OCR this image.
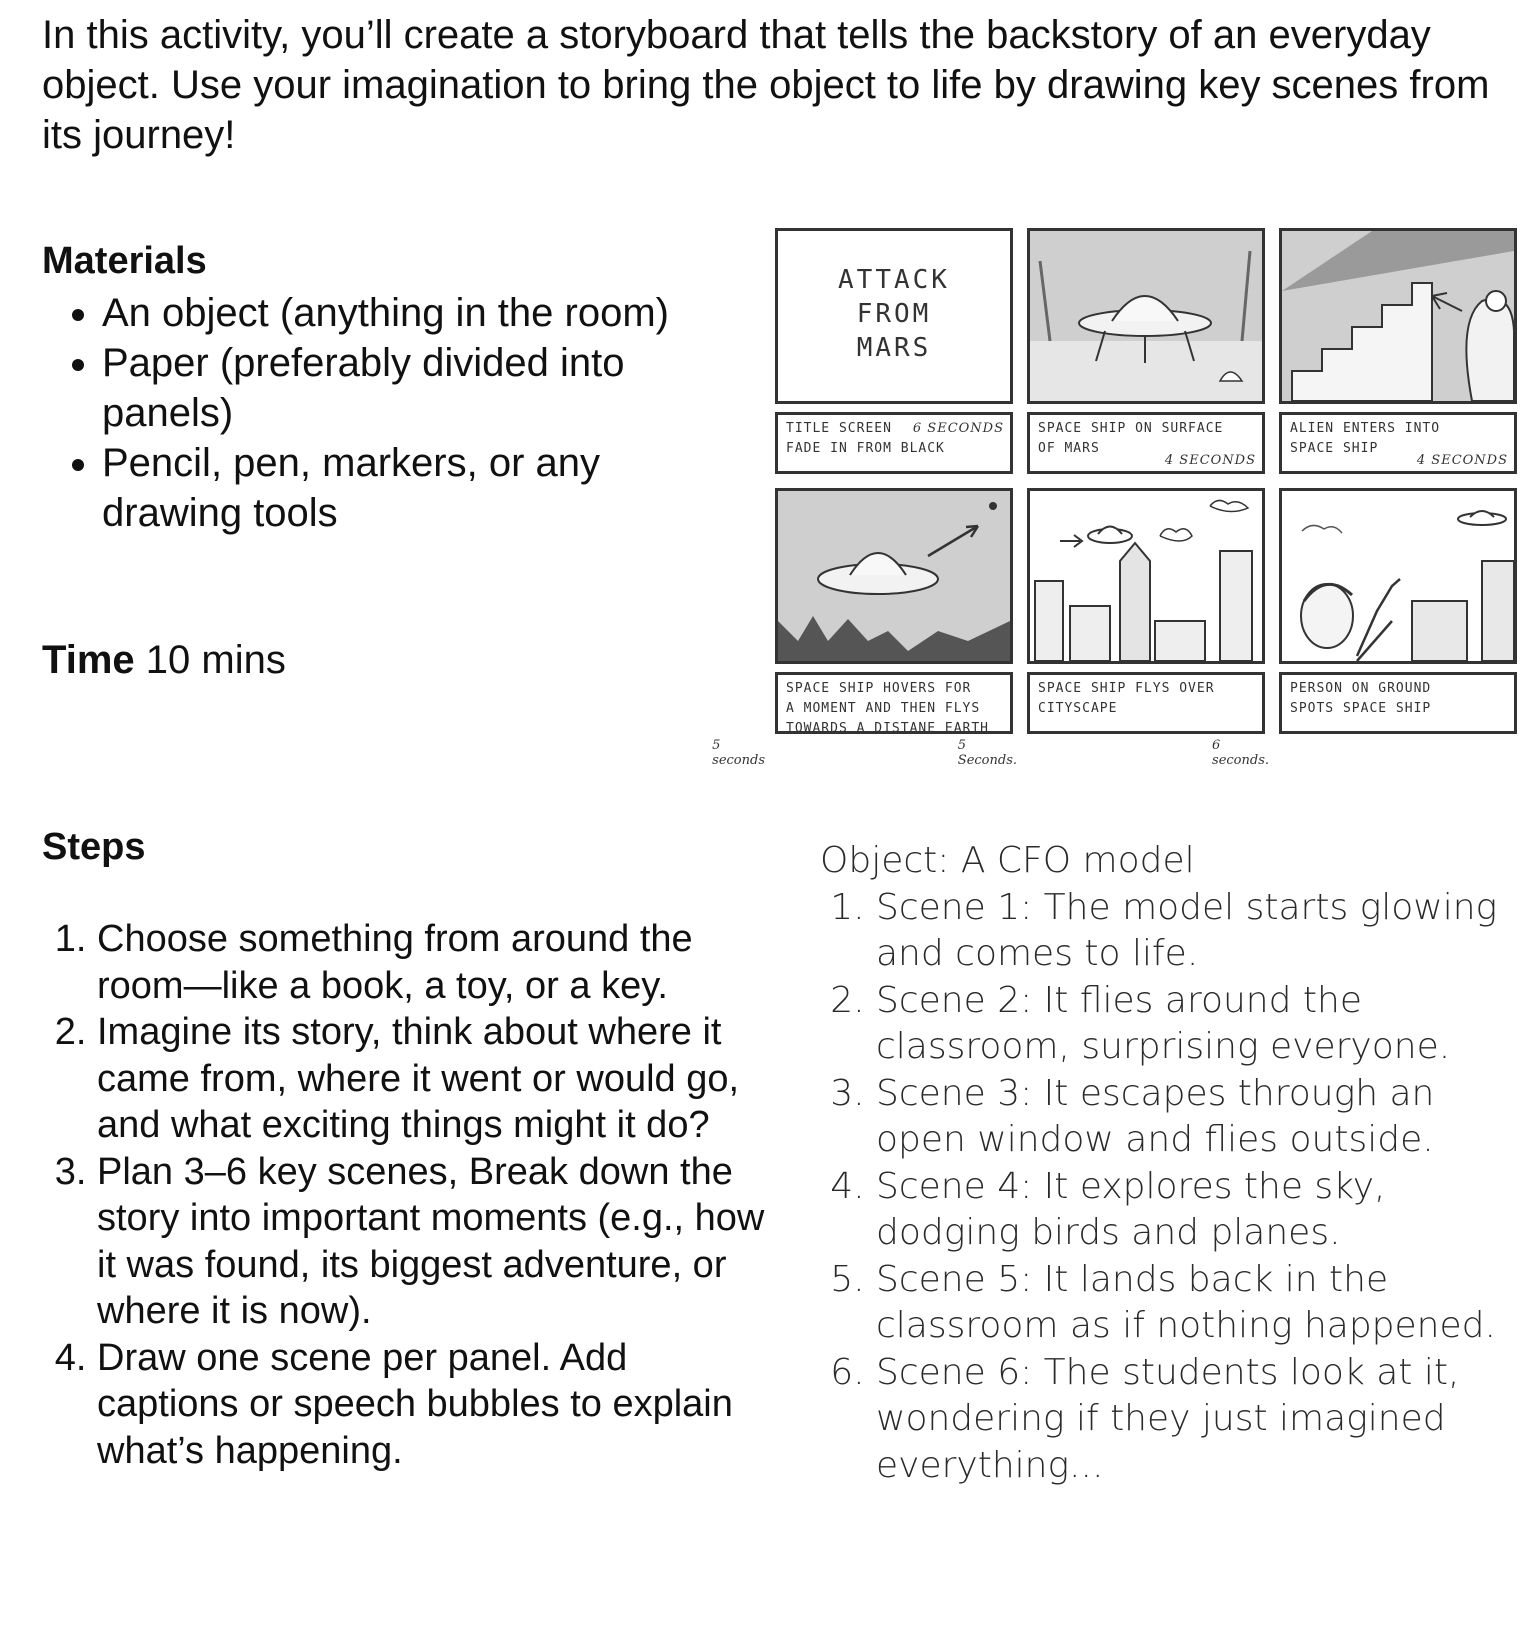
In this activity, you’ll create a storyboard that tells the backstory of an everyday object. Use your imagination to bring the object to life by drawing key scenes from its journey!

Materials
• An object (anything in the room)
• Paper (preferably divided into panels)
• Pencil, pen, markers, or any drawing tools

Time 10 mins

Steps
1. Choose something from around the room—like a book, a toy, or a key.
2. Imagine its story, think about where it came from, where it went or would go, and what exciting things might it do?
3. Plan 3–6 key scenes, Break down the story into important moments (e.g., how it was found, its biggest adventure, or where it is now).
4. Draw one scene per panel. Add captions or speech bubbles to explain what’s happening.
ATTACK
FROM
MARS
TITLE SCREEN
FADE IN FROM BLACK
6 SECONDS	SPACE SHIP ON SURFACE
OF MARS
4 SECONDS
ALIEN ENTERS INTO
SPACE SHIP
4 SECONDS
SPACE SHIP HOVERS FOR
A MOMENT AND THEN FLYS
TOWARDS A DISTANE EARTH
5 seconds
SPACE SHIP FLYS OVER
CITYSCAPE
5 Seconds.
PERSON ON GROUND
SPOTS SPACE SHIP
6 seconds.

Object: A CFO model

1. Scene 1: The model starts glowing and comes to life.
2. Scene 2: It flies around the classroom, surprising everyone.
3. Scene 3: It escapes through an open window and flies outside.
4. Scene 4: It explores the sky, dodging birds and planes.
5. Scene 5: It lands back in the classroom as if nothing happened.
6. Scene 6: The students look at it, wondering if they just imagined everything...
